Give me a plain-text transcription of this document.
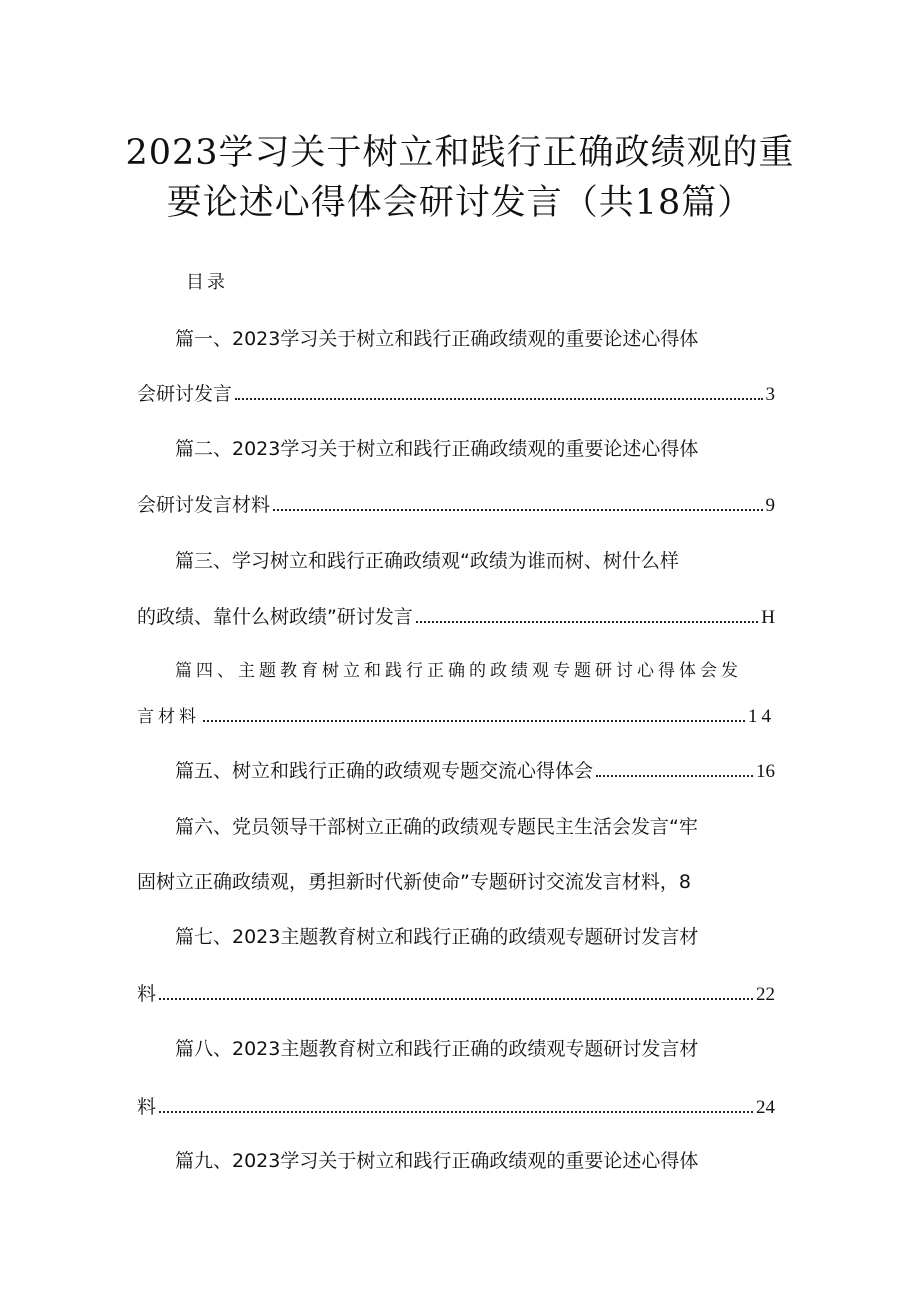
2023学习关于树立和践行正确政绩观的重
要论述心得体会研讨发言（共18篇）
目录
篇一、2023学习关于树立和践行正确政绩观的重要论述心得体
会研讨发言	3
篇二、2023学习关于树立和践行正确政绩观的重要论述心得体
会研讨发言材料	9
篇三、学习树立和践行正确政绩观“政绩为谁而树、树什么样
的政绩、靠什么树政绩”研讨发言	H
篇四、主题教育树立和践行正确的政绩观专题研讨心得体会发
言材料	14
篇五、树立和践行正确的政绩观专题交流心得体会	16
篇六、党员领导干部树立正确的政绩观专题民主生活会发言“牢
固树立正确政绩观，勇担新时代新使命”专题研讨交流发言材料，8
篇七、2023主题教育树立和践行正确的政绩观专题研讨发言材
料	22
篇八、2023主题教育树立和践行正确的政绩观专题研讨发言材
料	24
篇九、2023学习关于树立和践行正确政绩观的重要论述心得体
